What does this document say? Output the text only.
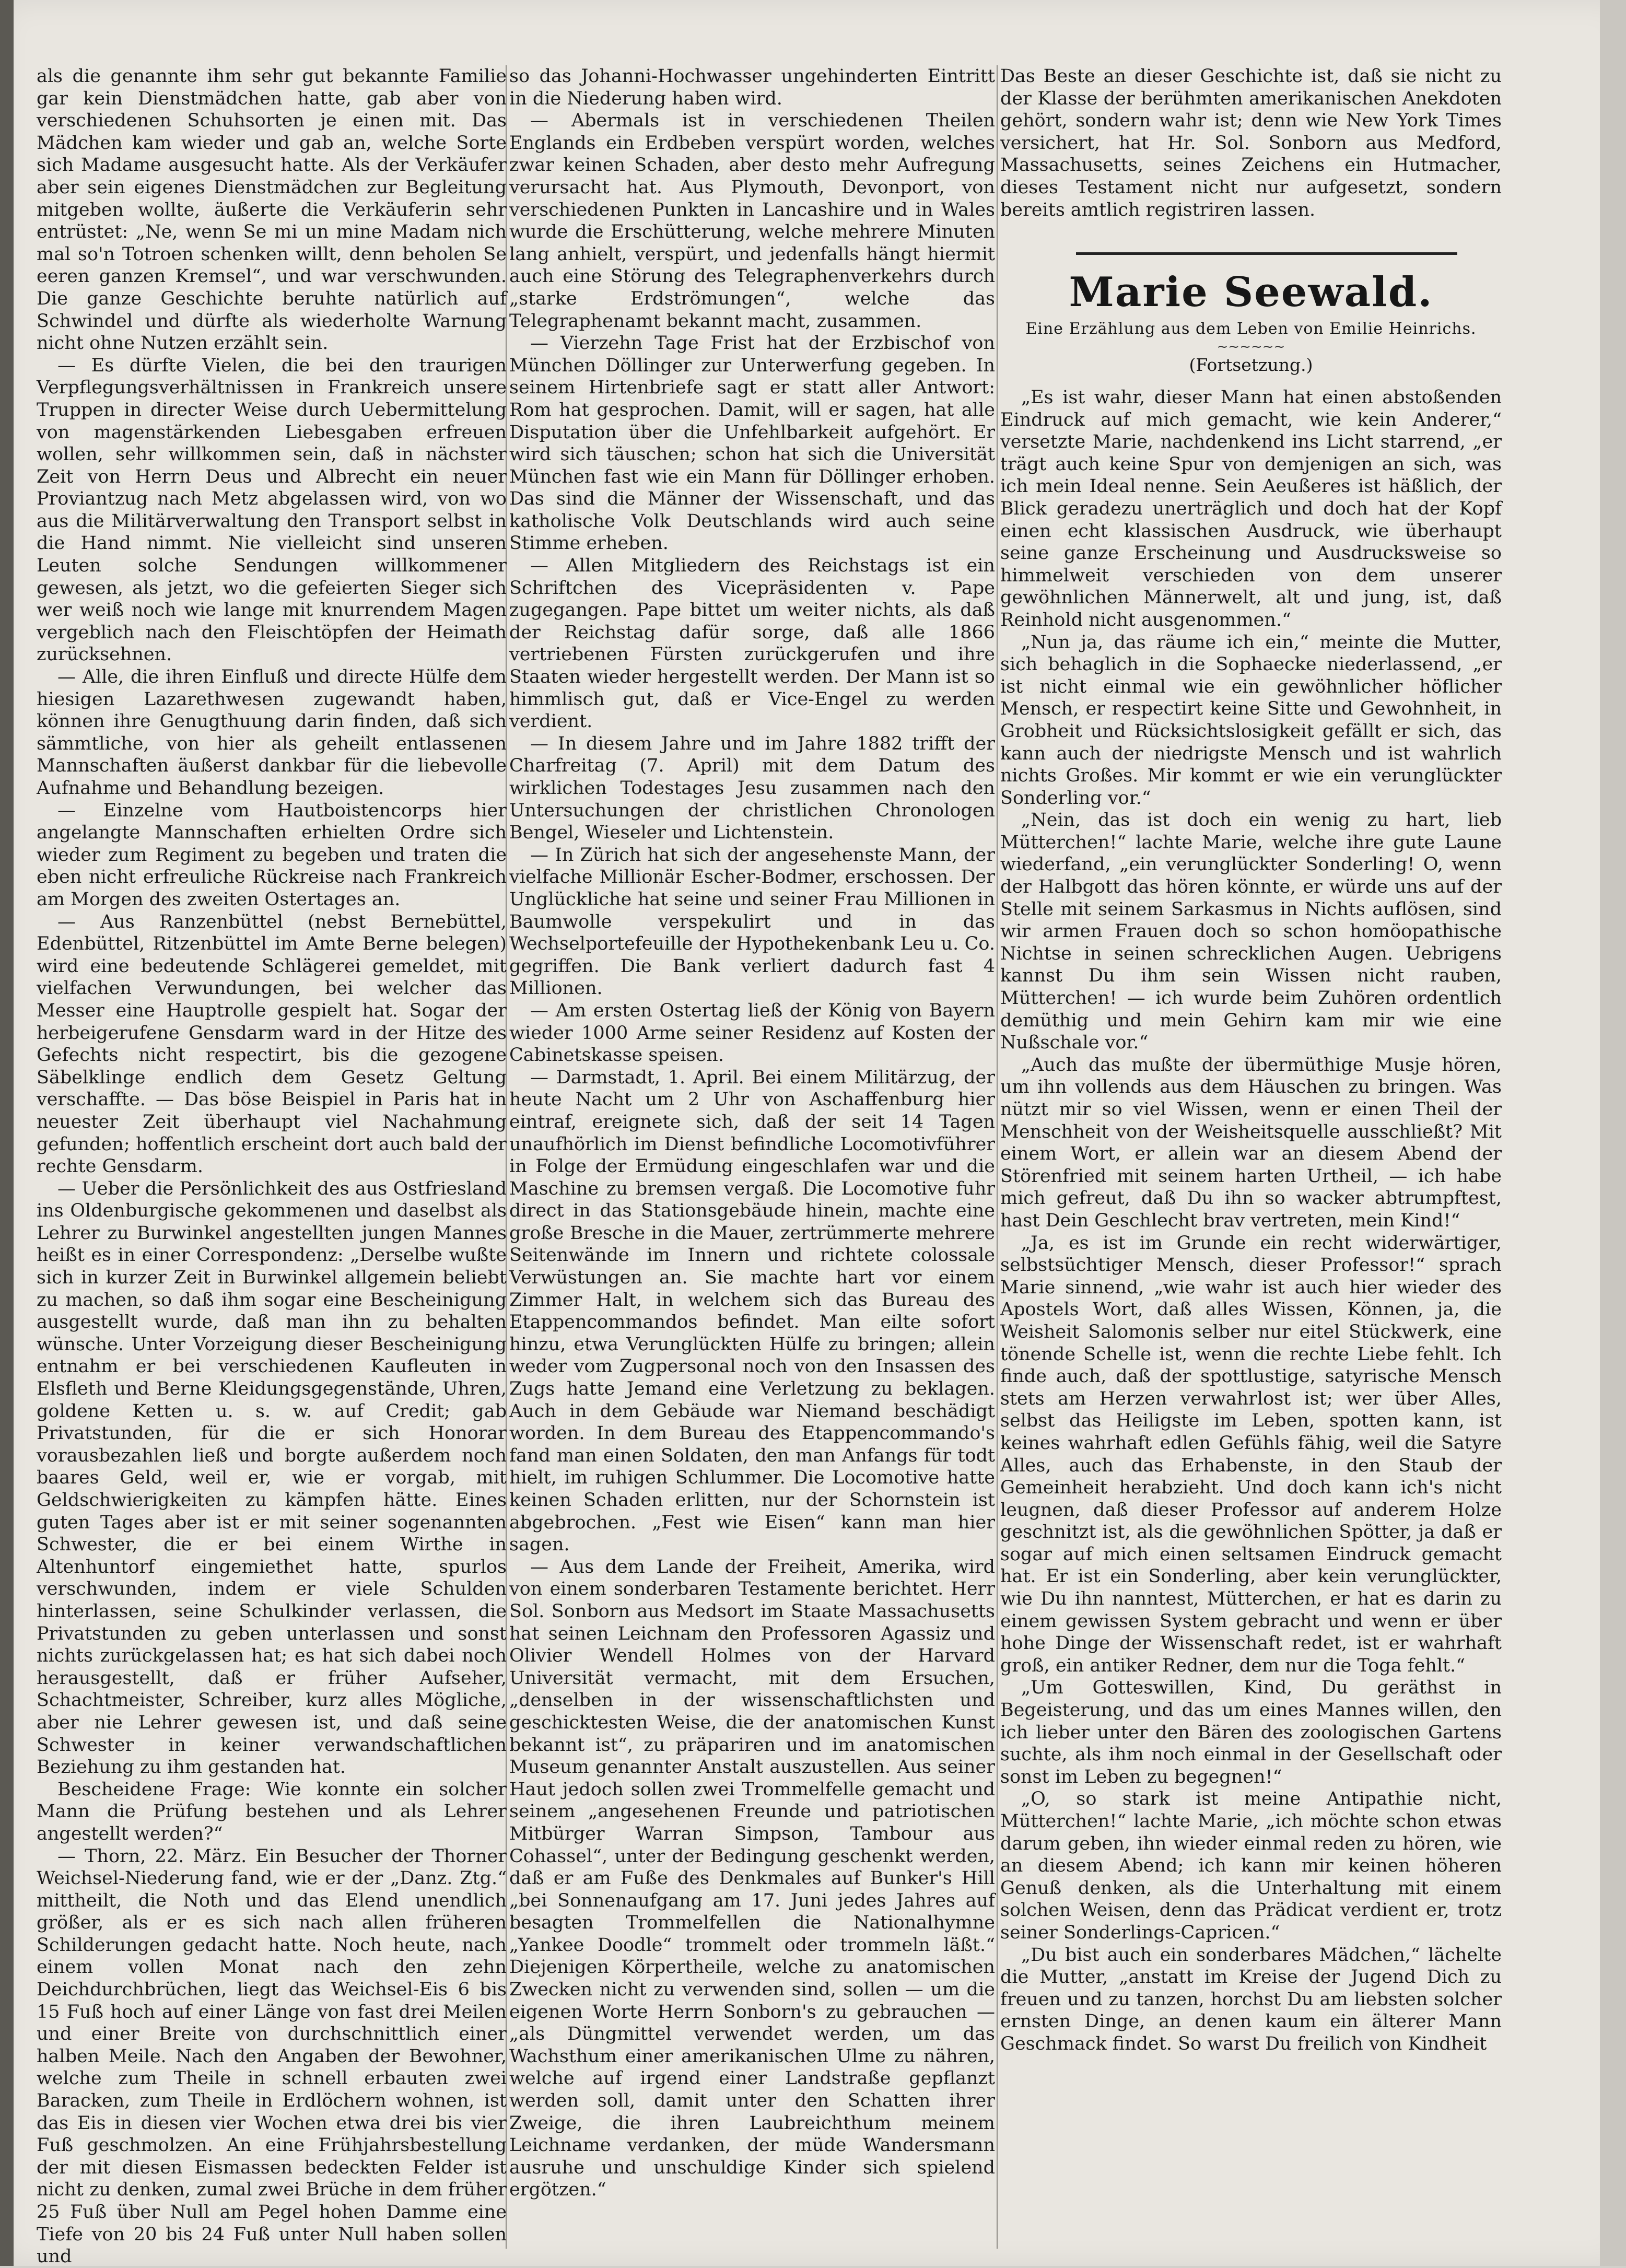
als die genannte ihm sehr gut bekannte Familie gar kein Dienstmädchen hatte, gab aber von verschiedenen Schuhsorten je einen mit. Das Mädchen kam wieder und gab an, welche Sorte sich Madame ausgesucht hatte. Als der Verkäufer aber sein eigenes Dienstmädchen zur Begleitung mitgeben wollte, äußerte die Verkäuferin sehr entrüstet: „Ne, wenn Se mi un mine Madam nich mal so'n Totroen schenken willt, denn beholen Se eeren ganzen Kremsel“, und war verschwunden. Die ganze Geschichte beruhte natürlich auf Schwindel und dürfte als wiederholte Warnung nicht ohne Nutzen erzählt sein.

— Es dürfte Vielen, die bei den traurigen Verpflegungsverhältnissen in Frankreich unsere Truppen in directer Weise durch Uebermittelung von magenstärkenden Liebesgaben erfreuen wollen, sehr willkommen sein, daß in nächster Zeit von Herrn Deus und Albrecht ein neuer Proviantzug nach Metz abgelassen wird, von wo aus die Militärverwaltung den Transport selbst in die Hand nimmt. Nie vielleicht sind unseren Leuten solche Sendungen willkommener gewesen, als jetzt, wo die gefeierten Sieger sich wer weiß noch wie lange mit knurrendem Magen vergeblich nach den Fleischtöpfen der Heimath zurücksehnen.

— Alle, die ihren Einfluß und directe Hülfe dem hiesigen Lazarethwesen zugewandt haben, können ihre Genugthuung darin finden, daß sich sämmtliche, von hier als geheilt entlassenen Mannschaften äußerst dankbar für die liebevolle Aufnahme und Behandlung bezeigen.

— Einzelne vom Hautboistencorps hier angelangte Mannschaften erhielten Ordre sich wieder zum Regiment zu begeben und traten die eben nicht erfreuliche Rückreise nach Frankreich am Morgen des zweiten Ostertages an.

— Aus Ranzenbüttel (nebst Bernebüttel, Edenbüttel, Ritzenbüttel im Amte Berne belegen) wird eine bedeutende Schlägerei gemeldet, mit vielfachen Verwundungen, bei welcher das Messer eine Hauptrolle gespielt hat. Sogar der herbeigerufene Gensdarm ward in der Hitze des Gefechts nicht respectirt, bis die gezogene Säbelklinge endlich dem Gesetz Geltung verschaffte. — Das böse Beispiel in Paris hat in neuester Zeit überhaupt viel Nachahmung gefunden; hoffentlich erscheint dort auch bald der rechte Gensdarm.

— Ueber die Persönlichkeit des aus Ostfriesland ins Oldenburgische gekommenen und daselbst als Lehrer zu Burwinkel angestellten jungen Mannes heißt es in einer Correspondenz: „Derselbe wußte sich in kurzer Zeit in Burwinkel allgemein beliebt zu machen, so daß ihm sogar eine Bescheinigung ausgestellt wurde, daß man ihn zu behalten wünsche. Unter Vorzeigung dieser Bescheinigung entnahm er bei verschiedenen Kaufleuten in Elsfleth und Berne Kleidungsgegenstände, Uhren, goldene Ketten u. s. w. auf Credit; gab Privatstunden, für die er sich Honorar vorausbezahlen ließ und borgte außerdem noch baares Geld, weil er, wie er vorgab, mit Geldschwierigkeiten zu kämpfen hätte. Eines guten Tages aber ist er mit seiner sogenannten Schwester, die er bei einem Wirthe in Altenhuntorf eingemiethet hatte, spurlos verschwunden, indem er viele Schulden hinterlassen, seine Schulkinder verlassen, die Privatstunden zu geben unterlassen und sonst nichts zurückgelassen hat; es hat sich dabei noch herausgestellt, daß er früher Aufseher, Schachtmeister, Schreiber, kurz alles Mögliche, aber nie Lehrer gewesen ist, und daß seine Schwester in keiner verwandschaftlichen Beziehung zu ihm gestanden hat.

Bescheidene Frage: Wie konnte ein solcher Mann die Prüfung bestehen und als Lehrer angestellt werden?“

— Thorn, 22. März. Ein Besucher der Thorner Weichsel-Niederung fand, wie er der „Danz. Ztg.“ mittheilt, die Noth und das Elend unendlich größer, als er es sich nach allen früheren Schilderungen gedacht hatte. Noch heute, nach einem vollen Monat nach den zehn Deichdurchbrüchen, liegt das Weichsel-Eis 6 bis 15 Fuß hoch auf einer Länge von fast drei Meilen und einer Breite von durchschnittlich einer halben Meile. Nach den Angaben der Bewohner, welche zum Theile in schnell erbauten zwei Baracken, zum Theile in Erdlöchern wohnen, ist das Eis in diesen vier Wochen etwa drei bis vier Fuß geschmolzen. An eine Frühjahrsbestellung der mit diesen Eismassen bedeckten Felder ist nicht zu denken, zumal zwei Brüche in dem früher 25 Fuß über Null am Pegel hohen Damme eine Tiefe von 20 bis 24 Fuß unter Null haben sollen und

so das Johanni-Hochwasser ungehinderten Eintritt in die Niederung haben wird.

— Abermals ist in verschiedenen Theilen Englands ein Erdbeben verspürt worden, welches zwar keinen Schaden, aber desto mehr Aufregung verursacht hat. Aus Plymouth, Devonport, von verschiedenen Punkten in Lancashire und in Wales wurde die Erschütterung, welche mehrere Minuten lang anhielt, verspürt, und jedenfalls hängt hiermit auch eine Störung des Telegraphenverkehrs durch „starke Erdströmungen“, welche das Telegraphenamt bekannt macht, zusammen.

— Vierzehn Tage Frist hat der Erzbischof von München Döllinger zur Unterwerfung gegeben. In seinem Hirtenbriefe sagt er statt aller Antwort: Rom hat gesprochen. Damit, will er sagen, hat alle Disputation über die Unfehlbarkeit aufgehört. Er wird sich täuschen; schon hat sich die Universität München fast wie ein Mann für Döllinger erhoben. Das sind die Männer der Wissenschaft, und das katholische Volk Deutschlands wird auch seine Stimme erheben.

— Allen Mitgliedern des Reichstags ist ein Schriftchen des Vicepräsidenten v. Pape zugegangen. Pape bittet um weiter nichts, als daß der Reichstag dafür sorge, daß alle 1866 vertriebenen Fürsten zurückgerufen und ihre Staaten wieder hergestellt werden. Der Mann ist so himmlisch gut, daß er Vice-Engel zu werden verdient.

— In diesem Jahre und im Jahre 1882 trifft der Charfreitag (7. April) mit dem Datum des wirklichen Todestages Jesu zusammen nach den Untersuchungen der christlichen Chronologen Bengel, Wieseler und Lichtenstein.

— In Zürich hat sich der angesehenste Mann, der vielfache Millionär Escher-Bodmer, erschossen. Der Unglückliche hat seine und seiner Frau Millionen in Baumwolle verspekulirt und in das Wechselportefeuille der Hypothekenbank Leu u. Co. gegriffen. Die Bank verliert dadurch fast 4 Millionen.

— Am ersten Ostertag ließ der König von Bayern wieder 1000 Arme seiner Residenz auf Kosten der Cabinetskasse speisen.

— Darmstadt, 1. April. Bei einem Militärzug, der heute Nacht um 2 Uhr von Aschaffenburg hier eintraf, ereignete sich, daß der seit 14 Tagen unaufhörlich im Dienst befindliche Locomotivführer in Folge der Ermüdung eingeschlafen war und die Maschine zu bremsen vergaß. Die Locomotive fuhr direct in das Stationsgebäude hinein, machte eine große Bresche in die Mauer, zertrümmerte mehrere Seitenwände im Innern und richtete colossale Verwüstungen an. Sie machte hart vor einem Zimmer Halt, in welchem sich das Bureau des Etappencommandos befindet. Man eilte sofort hinzu, etwa Verunglückten Hülfe zu bringen; allein weder vom Zugpersonal noch von den Insassen des Zugs hatte Jemand eine Verletzung zu beklagen. Auch in dem Gebäude war Niemand beschädigt worden. In dem Bureau des Etappencommando's fand man einen Soldaten, den man Anfangs für todt hielt, im ruhigen Schlummer. Die Locomotive hatte keinen Schaden erlitten, nur der Schornstein ist abgebrochen. „Fest wie Eisen“ kann man hier sagen.

— Aus dem Lande der Freiheit, Amerika, wird von einem sonderbaren Testamente berichtet. Herr Sol. Sonborn aus Medsort im Staate Massachusetts hat seinen Leichnam den Professoren Agassiz und Olivier Wendell Holmes von der Harvard Universität vermacht, mit dem Ersuchen, „denselben in der wissenschaftlichsten und geschicktesten Weise, die der anatomischen Kunst bekannt ist“, zu präpariren und im anatomischen Museum genannter Anstalt auszustellen. Aus seiner Haut jedoch sollen zwei Trommelfelle gemacht und seinem „angesehenen Freunde und patriotischen Mitbürger Warran Simpson, Tambour aus Cohassel“, unter der Bedingung geschenkt werden, daß er am Fuße des Denkmales auf Bunker's Hill „bei Sonnenaufgang am 17. Juni jedes Jahres auf besagten Trommelfellen die Nationalhymne „Yankee Doodle“ trommelt oder trommeln läßt.“ Diejenigen Körpertheile, welche zu anatomischen Zwecken nicht zu verwenden sind, sollen — um die eigenen Worte Herrn Sonborn's zu gebrauchen — „als Düngmittel verwendet werden, um das Wachsthum einer amerikanischen Ulme zu nähren, welche auf irgend einer Landstraße gepflanzt werden soll, damit unter den Schatten ihrer Zweige, die ihren Laubreichthum meinem Leichname verdanken, der müde Wandersmann ausruhe und unschuldige Kinder sich spielend ergötzen.“

Das Beste an dieser Geschichte ist, daß sie nicht zu der Klasse der berühmten amerikanischen Anekdoten gehört, sondern wahr ist; denn wie New York Times versichert, hat Hr. Sol. Sonborn aus Medford, Massachusetts, seines Zeichens ein Hutmacher, dieses Testament nicht nur aufgesetzt, sondern bereits amtlich registriren lassen.

Marie Seewald.
Eine Erzählung aus dem Leben von Emilie Heinrichs.
~~~~~~
(Fortsetzung.)

„Es ist wahr, dieser Mann hat einen abstoßenden Eindruck auf mich gemacht, wie kein Anderer,“ versetzte Marie, nachdenkend ins Licht starrend, „er trägt auch keine Spur von demjenigen an sich, was ich mein Ideal nenne. Sein Aeußeres ist häßlich, der Blick geradezu unerträglich und doch hat der Kopf einen echt klassischen Ausdruck, wie überhaupt seine ganze Erscheinung und Ausdrucksweise so himmelweit verschieden von dem unserer gewöhnlichen Männerwelt, alt und jung, ist, daß Reinhold nicht ausgenommen.“

„Nun ja, das räume ich ein,“ meinte die Mutter, sich behaglich in die Sophaecke niederlassend, „er ist nicht einmal wie ein gewöhnlicher höflicher Mensch, er respectirt keine Sitte und Gewohnheit, in Grobheit und Rücksichtslosigkeit gefällt er sich, das kann auch der niedrigste Mensch und ist wahrlich nichts Großes. Mir kommt er wie ein verunglückter Sonderling vor.“

„Nein, das ist doch ein wenig zu hart, lieb Mütterchen!“ lachte Marie, welche ihre gute Laune wiederfand, „ein verunglückter Sonderling! O, wenn der Halbgott das hören könnte, er würde uns auf der Stelle mit seinem Sarkasmus in Nichts auflösen, sind wir armen Frauen doch so schon homöopathische Nichtse in seinen schrecklichen Augen. Uebrigens kannst Du ihm sein Wissen nicht rauben, Mütterchen! — ich wurde beim Zuhören ordentlich demüthig und mein Gehirn kam mir wie eine Nußschale vor.“

„Auch das mußte der übermüthige Musje hören, um ihn vollends aus dem Häuschen zu bringen. Was nützt mir so viel Wissen, wenn er einen Theil der Menschheit von der Weisheitsquelle ausschließt? Mit einem Wort, er allein war an diesem Abend der Störenfried mit seinem harten Urtheil, — ich habe mich gefreut, daß Du ihn so wacker abtrumpftest, hast Dein Geschlecht brav vertreten, mein Kind!“

„Ja, es ist im Grunde ein recht widerwärtiger, selbstsüchtiger Mensch, dieser Professor!“ sprach Marie sinnend, „wie wahr ist auch hier wieder des Apostels Wort, daß alles Wissen, Können, ja, die Weisheit Salomonis selber nur eitel Stückwerk, eine tönende Schelle ist, wenn die rechte Liebe fehlt. Ich finde auch, daß der spottlustige, satyrische Mensch stets am Herzen verwahrlost ist; wer über Alles, selbst das Heiligste im Leben, spotten kann, ist keines wahrhaft edlen Gefühls fähig, weil die Satyre Alles, auch das Erhabenste, in den Staub der Gemeinheit herabzieht. Und doch kann ich's nicht leugnen, daß dieser Professor auf anderem Holze geschnitzt ist, als die gewöhnlichen Spötter, ja daß er sogar auf mich einen seltsamen Eindruck gemacht hat. Er ist ein Sonderling, aber kein verunglückter, wie Du ihn nanntest, Mütterchen, er hat es darin zu einem gewissen System gebracht und wenn er über hohe Dinge der Wissenschaft redet, ist er wahrhaft groß, ein antiker Redner, dem nur die Toga fehlt.“

„Um Gotteswillen, Kind, Du geräthst in Begeisterung, und das um eines Mannes willen, den ich lieber unter den Bären des zoologischen Gartens suchte, als ihm noch einmal in der Gesellschaft oder sonst im Leben zu begegnen!“

„O, so stark ist meine Antipathie nicht, Mütterchen!“ lachte Marie, „ich möchte schon etwas darum geben, ihn wieder einmal reden zu hören, wie an diesem Abend; ich kann mir keinen höheren Genuß denken, als die Unterhaltung mit einem solchen Weisen, denn das Prädicat verdient er, trotz seiner Sonderlings-Capricen.“

„Du bist auch ein sonderbares Mädchen,“ lächelte die Mutter, „anstatt im Kreise der Jugend Dich zu freuen und zu tanzen, horchst Du am liebsten solcher ernsten Dinge, an denen kaum ein älterer Mann Geschmack findet. So warst Du freilich von Kindheit
